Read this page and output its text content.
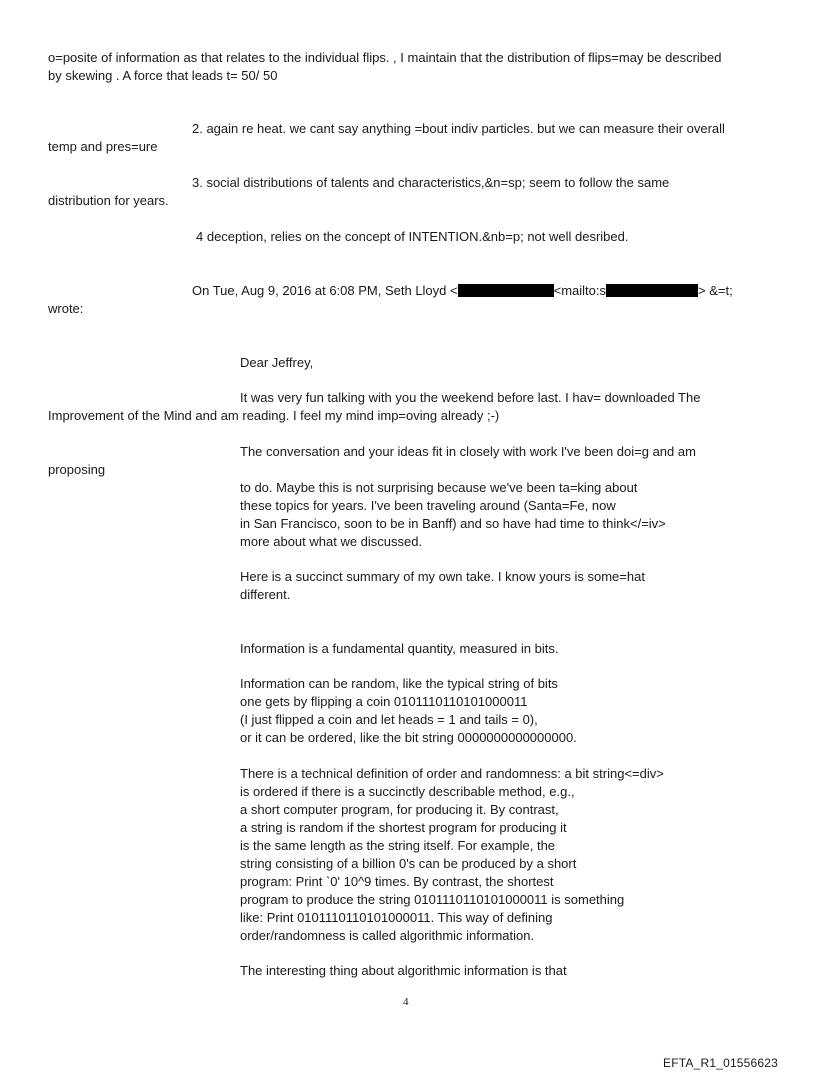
o=posite of information as that relates to the individual flips. , I maintain that the distribution of flips=may be described
by skewing . A force that leads t= 50/ 50
2. again re heat. we cant say anything =bout indiv particles. but we can measure their overall
temp and pres=ure
3. social distributions of talents and characteristics,&n=sp; seem to follow the same
distribution for years.
4 deception, relies on the concept of INTENTION.&nb=p; not well desribed.
On Tue, Aug 9, 2016 at 6:08 PM, Seth Lloyd <	<mailto:s	> &=t;
wrote:
Dear Jeffrey,
It was very fun talking with you the weekend before last. I hav= downloaded The
Improvement of the Mind and am reading. I feel my mind imp=oving already ;-)
The conversation and your ideas fit in closely with work I've been doi=g and am
proposing
to do. Maybe this is not surprising because we've been ta=king about
these topics for years. I've been traveling around (Santa=Fe, now
in San Francisco, soon to be in Banff) and so have had time to think</=iv>
more about what we discussed.
Here is a succinct summary of my own take. I know yours is some=hat
different.
Information is a fundamental quantity, measured in bits.
Information can be random, like the typical string of bits
one gets by flipping a coin 0101110110101000011
(I just flipped a coin and let heads = 1 and tails = 0),
or it can be ordered, like the bit string 0000000000000000.
There is a technical definition of order and randomness: a bit string<=div>
is ordered if there is a succinctly describable method, e.g.,
a short computer program, for producing it. By contrast,
a string is random if the shortest program for producing it
is the same length as the string itself. For example, the
string consisting of a billion 0's can be produced by a short
program: Print `0' 10^9 times. By contrast, the shortest
program to produce the string 0101110110101000011 is something
like: Print 0101110110101000011. This way of defining
order/randomness is called algorithmic information.
The interesting thing about algorithmic information is that
4
EFTA_R1_01556623
